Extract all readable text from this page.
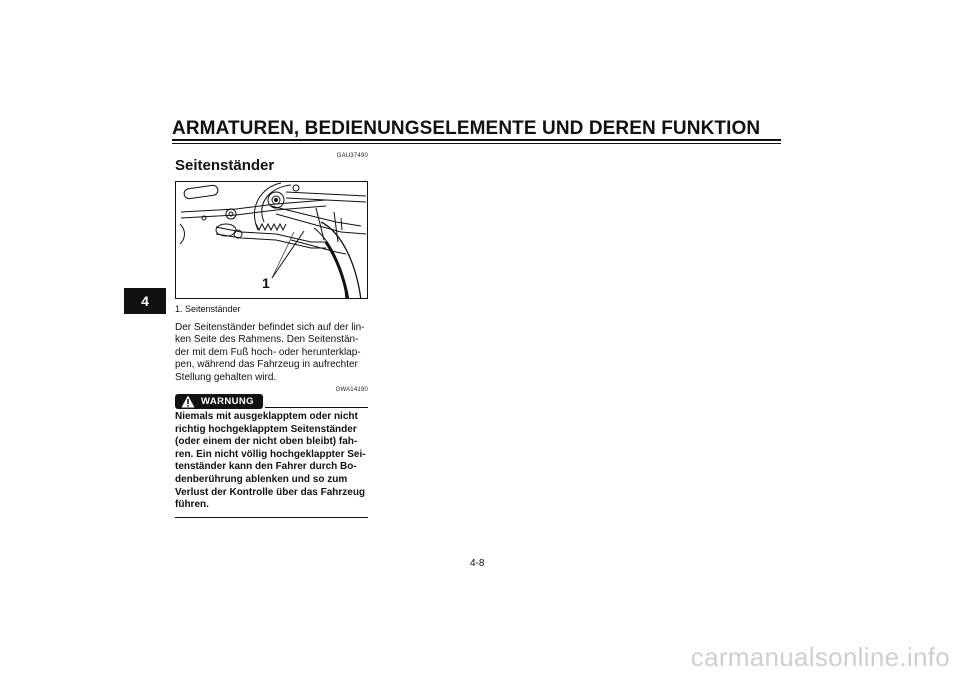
ARMATUREN, BEDIENUNGSELEMENTE UND DEREN FUNKTION
4
GAU37490
Seitenständer
1
1. Seitenständer
Der Seitenständer befindet sich auf der lin-
ken Seite des Rahmens. Den Seitenstän-
der mit dem Fuß hoch- oder herunterklap-
pen, während das Fahrzeug in aufrechter
Stellung gehalten wird.
GWA14190
WARNUNG
Niemals mit ausgeklapptem oder nicht
richtig hochgeklapptem Seitenständer
(oder einem der nicht oben bleibt) fah-
ren. Ein nicht völlig hochgeklappter Sei-
tenständer kann den Fahrer durch Bo-
denberührung ablenken und so zum
Verlust der Kontrolle über das Fahrzeug
führen.
4-8
carmanualsonline.info
